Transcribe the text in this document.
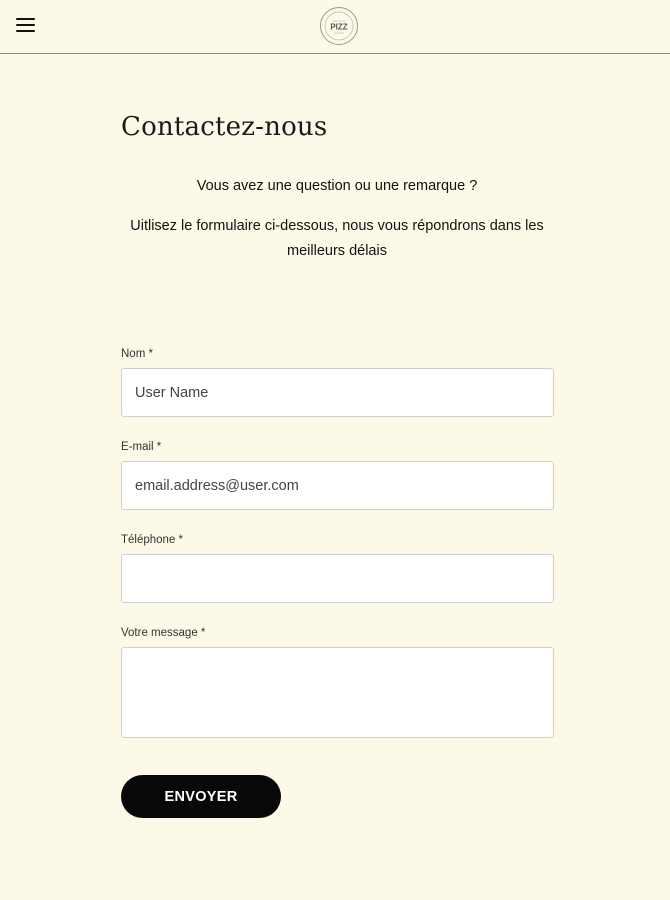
PIZZ
Contactez-nous

Vous avez une question ou une remarque ?

Uitlisez le formulaire ci-dessous, nous vous répondrons dans les meilleurs délais

Nom *
User Name
E-mail *
email.address@user.com
Téléphone *
Votre message *
ENVOYER
